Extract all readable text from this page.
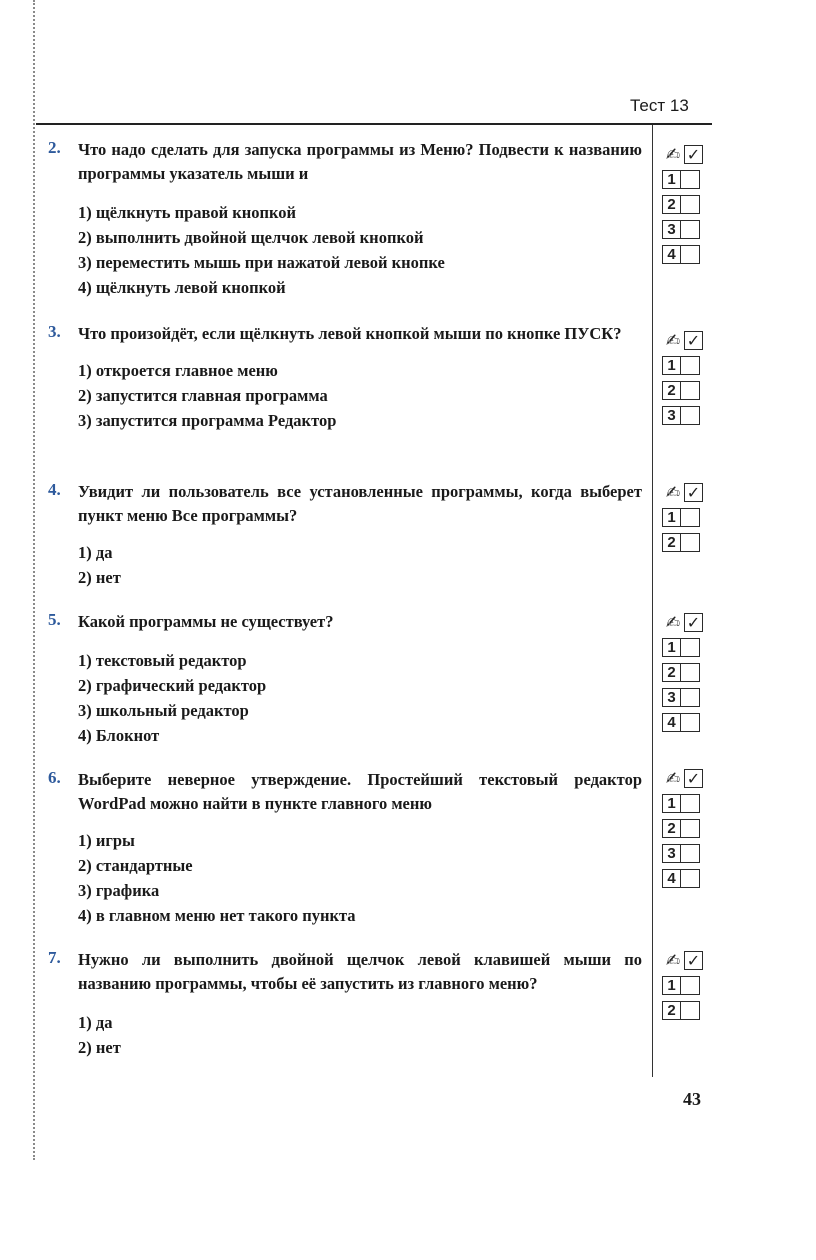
Тест 13
2.	Что надо сделать для запуска программы из Меню? Подвести к названию программы указатель мыши и
1) щёлкнуть правой кнопкой
2) выполнить двойной щелчок левой кнопкой
3) переместить мышь при нажатой левой кнопке
4) щёлкнуть левой кнопкой
✍ ✓
1
2
3
4
3.	Что произойдёт, если щёлкнуть левой кнопкой мыши по кнопке ПУСК?
1) откроется главное меню
2) запустится главная программа
3) запустится программа Редактор
✍ ✓
1
2
3
4.	Увидит ли пользователь все установленные программы, когда выберет пункт меню Все программы?
1) да
2) нет
✍ ✓
1
2
5.	Какой программы не существует?
1) текстовый редактор
2) графический редактор
3) школьный редактор
4) Блокнот
✍ ✓
1
2
3
4
6.	Выберите неверное утверждение. Простейший текстовый редактор WordPad можно найти в пункте главного меню
1) игры
2) стандартные
3) графика
4) в главном меню нет такого пункта
✍ ✓
1
2
3
4
7.	Нужно ли выполнить двойной щелчок левой клавишей мыши по названию программы, чтобы её запустить из главного меню?
1) да
2) нет
✍ ✓
1
2
43
